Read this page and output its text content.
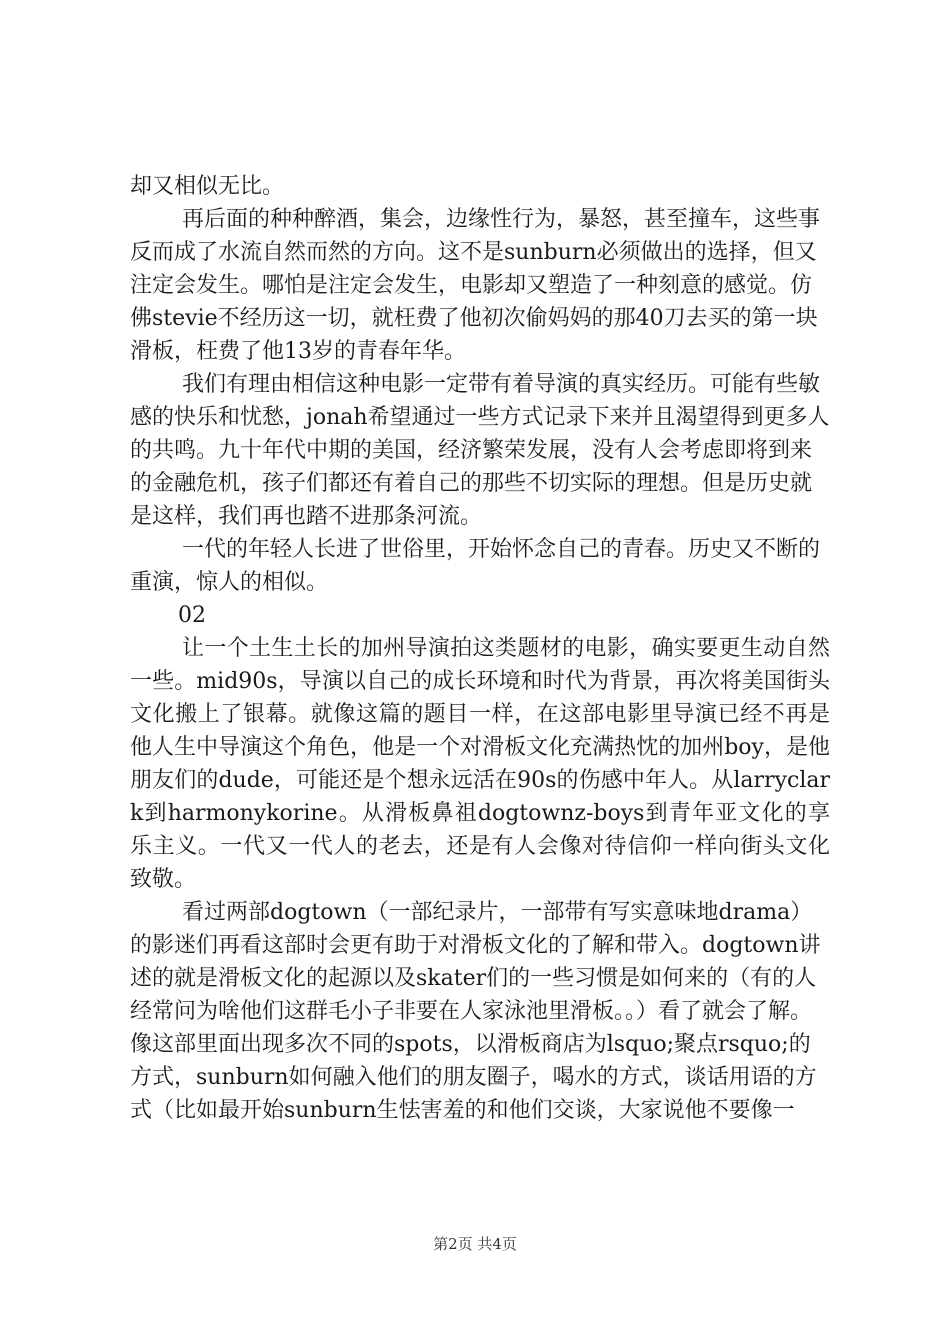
却又相似无比。

再后面的种种醉酒，集会，边缘性行为，暴怒，甚至撞车，这些事反而成了水流自然而然的方向。这不是sunburn必须做出的选择，但又注定会发生。哪怕是注定会发生，电影却又塑造了一种刻意的感觉。仿佛stevie不经历这一切，就枉费了他初次偷妈妈的那40刀去买的第一块滑板，枉费了他13岁的青春年华。

我们有理由相信这种电影一定带有着导演的真实经历。可能有些敏感的快乐和忧愁，jonah希望通过一些方式记录下来并且渴望得到更多人的共鸣。九十年代中期的美国，经济繁荣发展，没有人会考虑即将到来的金融危机，孩子们都还有着自己的那些不切实际的理想。但是历史就是这样，我们再也踏不进那条河流。

一代的年轻人长进了世俗里，开始怀念自己的青春。历史又不断的重演，惊人的相似。

02

让一个土生土长的加州导演拍这类题材的电影，确实要更生动自然一些。mid90s，导演以自己的成长环境和时代为背景，再次将美国街头文化搬上了银幕。就像这篇的题目一样，在这部电影里导演已经不再是他人生中导演这个角色，他是一个对滑板文化充满热忱的加州boy，是他朋友们的dude，可能还是个想永远活在90s的伤感中年人。从larryclark到harmonykorine。从滑板鼻祖dogtownz-boys到青年亚文化的享乐主义。一代又一代人的老去，还是有人会像对待信仰一样向街头文化致敬。

看过两部dogtown（一部纪录片，一部带有写实意味地drama）的影迷们再看这部时会更有助于对滑板文化的了解和带入。dogtown讲述的就是滑板文化的起源以及skater们的一些习惯是如何来的（有的人经常问为啥他们这群毛小子非要在人家泳池里滑板。。）看了就会了解。像这部里面出现多次不同的spots，以滑板商店为lsquo;聚点rsquo;的方式，sunburn如何融入他们的朋友圈子，喝水的方式，谈话用语的方式（比如最开始sunburn生怯害羞的和他们交谈，大家说他不要像一

第2页 共4页
